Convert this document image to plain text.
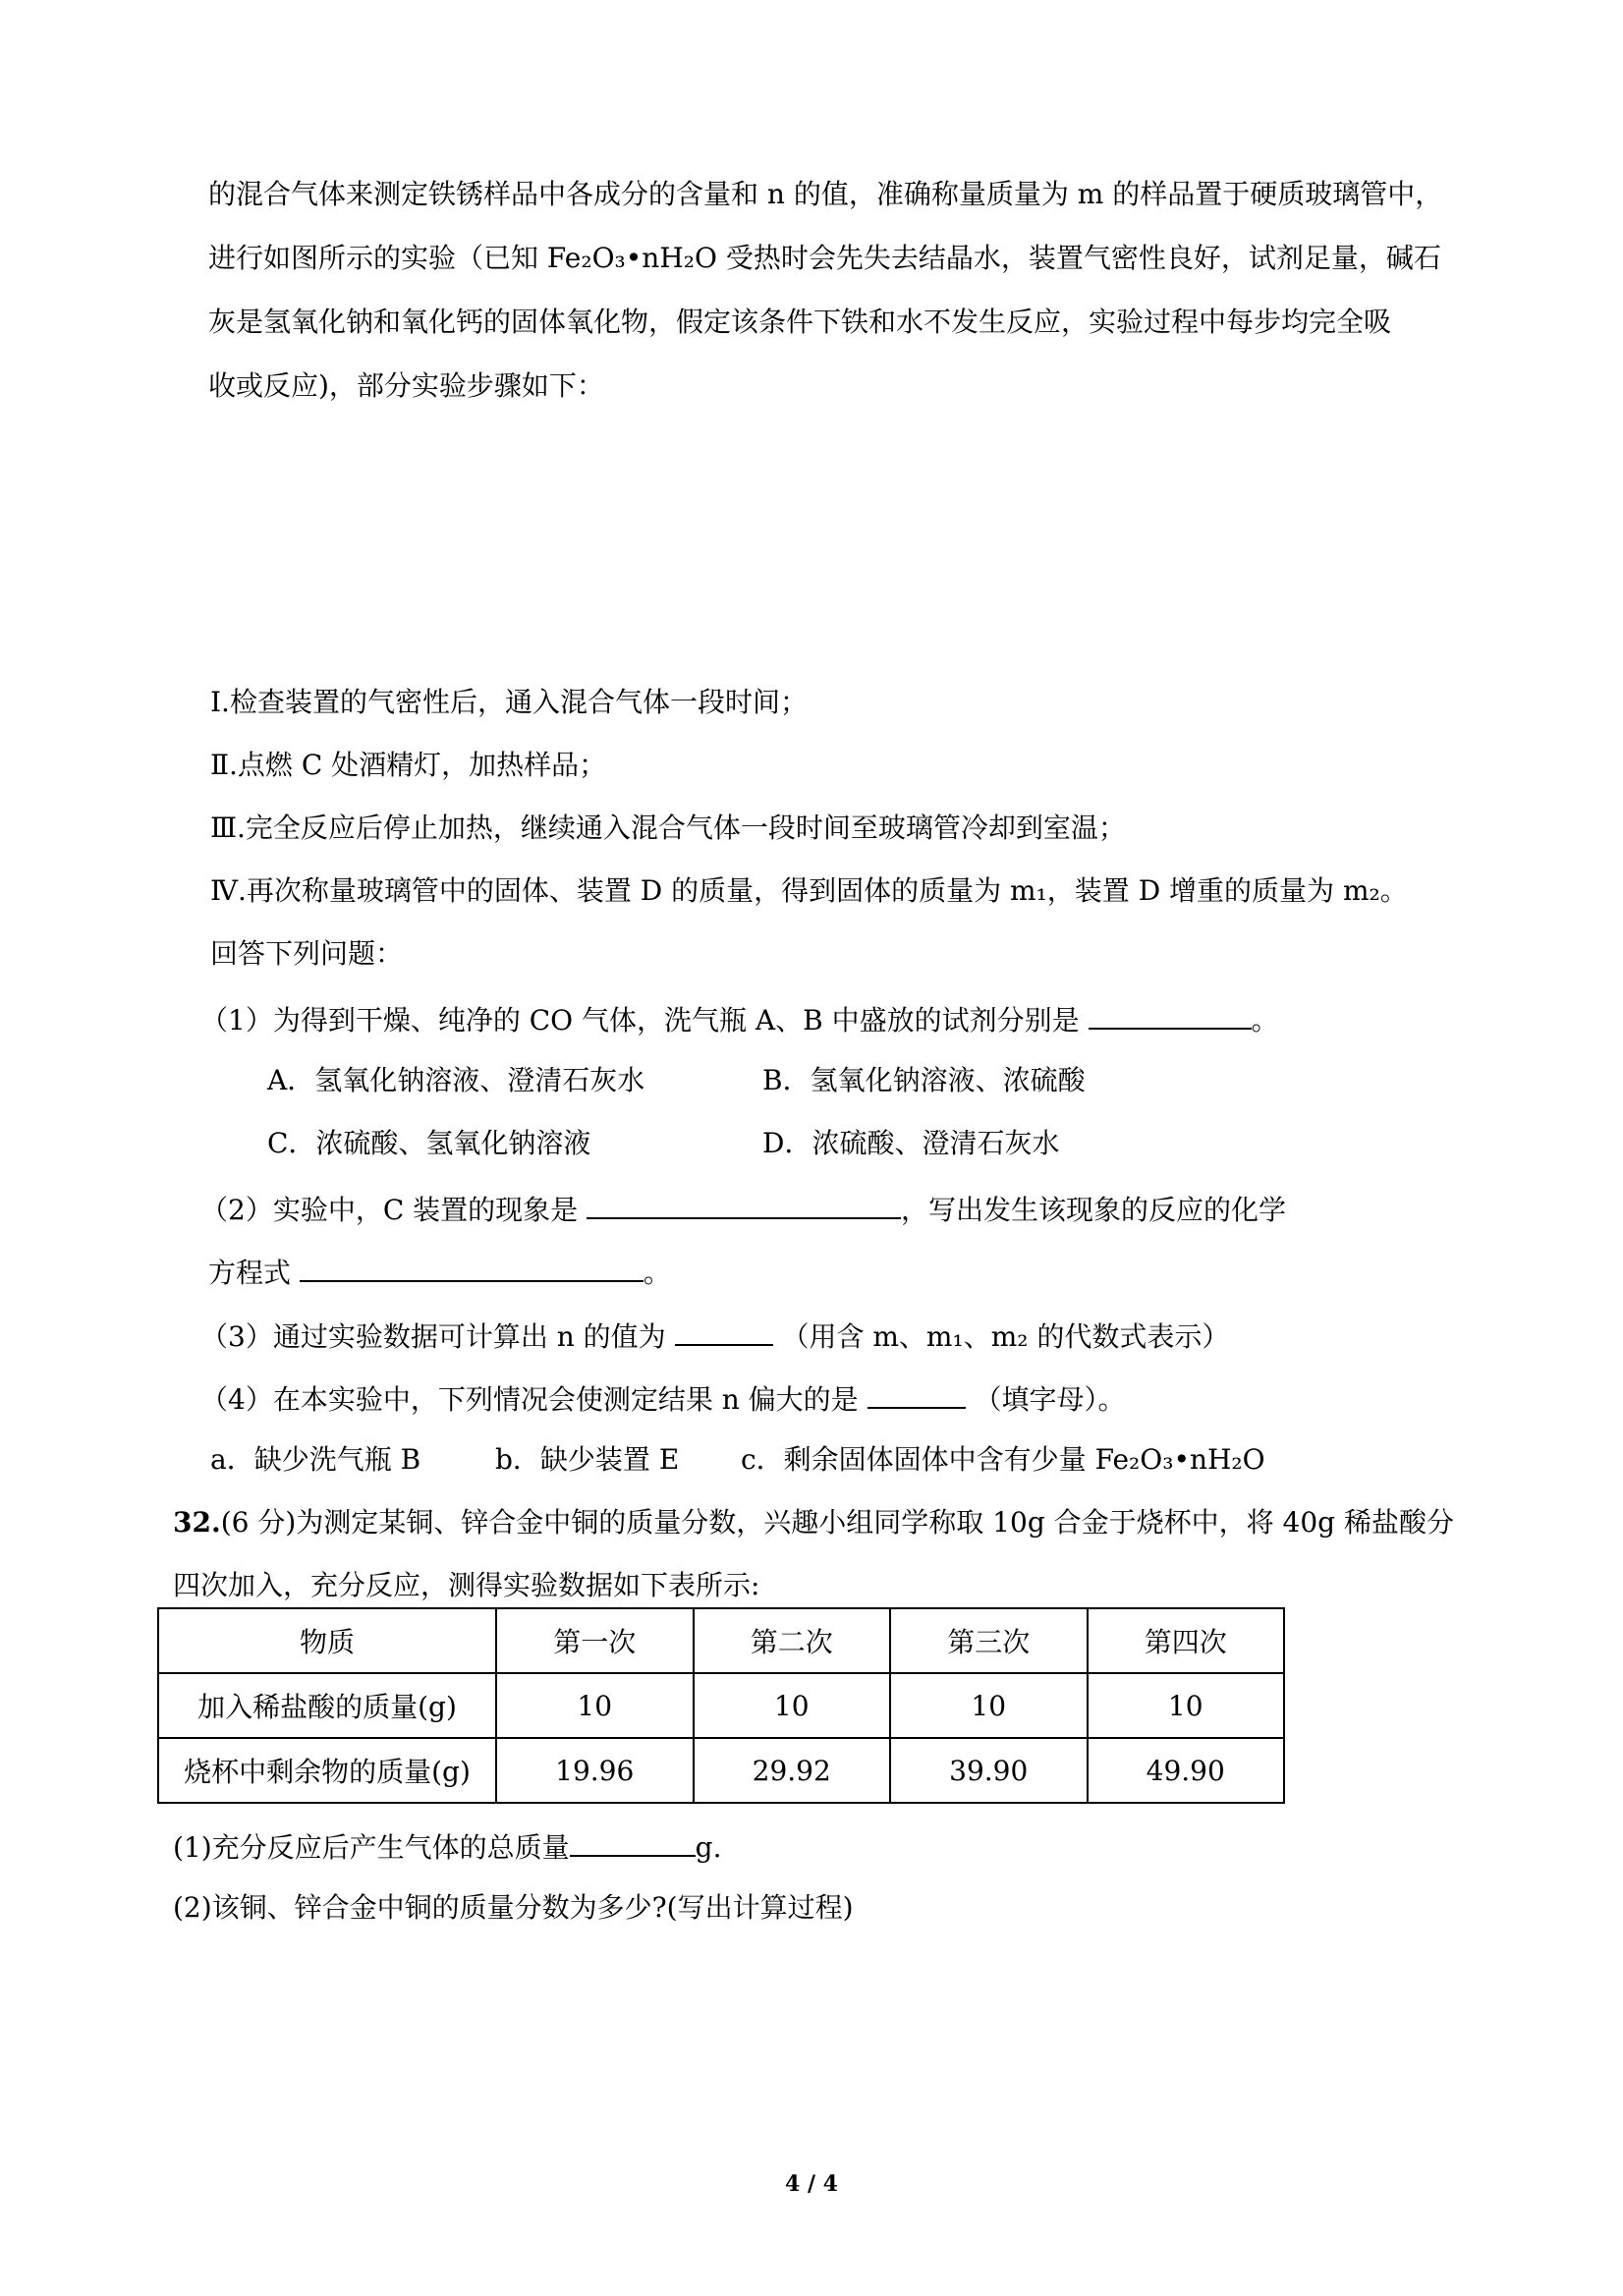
的混合气体来测定铁锈样品中各成分的含量和 n 的值，准确称量质量为 m 的样品置于硬质玻璃管中，
进行如图所示的实验（已知 Fe₂O₃•nH₂O 受热时会先失去结晶水，装置气密性良好，试剂足量，碱石
灰是氢氧化钠和氧化钙的固体氧化物，假定该条件下铁和水不发生反应，实验过程中每步均完全吸
收或反应)，部分实验步骤如下：
Ⅰ.检查装置的气密性后，通入混合气体一段时间；
Ⅱ.点燃 C 处酒精灯，加热样品；
Ⅲ.完全反应后停止加热，继续通入混合气体一段时间至玻璃管冷却到室温；
Ⅳ.再次称量玻璃管中的固体、装置 D 的质量，得到固体的质量为 m₁，装置 D 增重的质量为 m₂。
回答下列问题：
（1）为得到干燥、纯净的 CO 气体，洗气瓶 A、B 中盛放的试剂分别是	。
A．氢氧化钠溶液、澄清石灰水	B．氢氧化钠溶液、浓硫酸
C．浓硫酸、氢氧化钠溶液	D．浓硫酸、澄清石灰水
（2）实验中，C 装置的现象是	，写出发生该现象的反应的化学
方程式	。
（3）通过实验数据可计算出 n 的值为	（用含 m、m₁、m₂ 的代数式表示）
（4）在本实验中，下列情况会使测定结果 n 偏大的是	（填字母）。
a．缺少洗气瓶 B	b．缺少装置 E c．剩余固体固体中含有少量 Fe₂O₃•nH₂O
32.(6 分)为测定某铜、锌合金中铜的质量分数，兴趣小组同学称取 10g 合金于烧杯中，将 40g 稀盐酸分
四次加入，充分反应，测得实验数据如下表所示:
物质	第一次	第二次	第三次	第四次
加入稀盐酸的质量(g)	10	10	10	10
烧杯中剩余物的质量(g)	19.96	29.92	39.90	49.90
(1)充分反应后产生气体的总质量	g.
(2)该铜、锌合金中铜的质量分数为多少?(写出计算过程)
4 / 4
